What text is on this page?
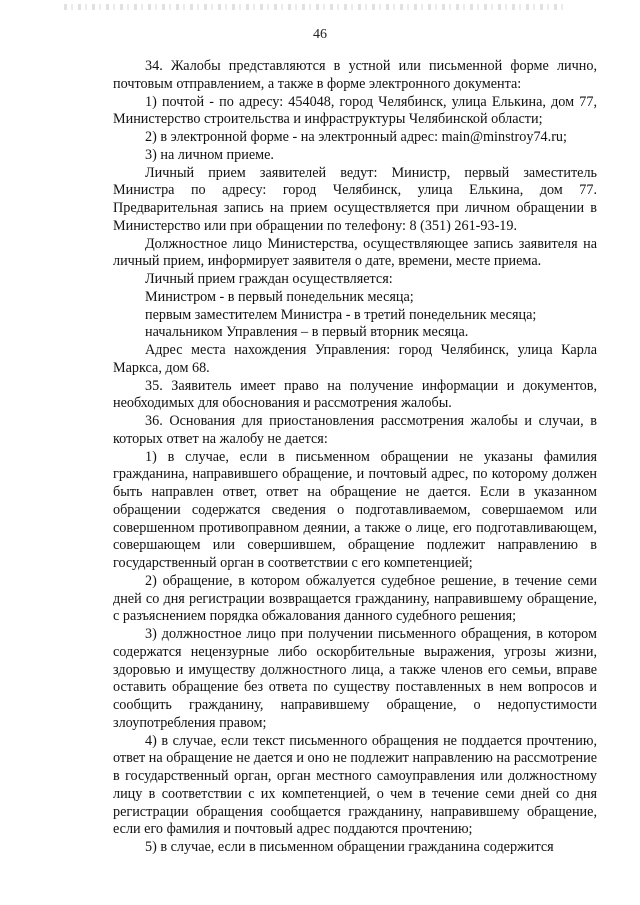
46

34. Жалобы представляются в устной или письменной форме лично, почтовым отправлением, а также в форме электронного документа:

1) почтой - по адресу: 454048, город Челябинск, улица Елькина, дом 77, Министерство строительства и инфраструктуры Челябинской области;

2) в электронной форме - на электронный адрес: main@minstroy74.ru;

3) на личном приеме.

Личный прием заявителей ведут: Министр, первый заместитель Министра по адресу: город Челябинск, улица Елькина, дом 77. Предварительная запись на прием осуществляется при личном обращении в Министерство или при обращении по телефону: 8 (351) 261-93-19.

Должностное лицо Министерства, осуществляющее запись заявителя на личный прием, информирует заявителя о дате, времени, месте приема.

Личный прием граждан осуществляется:

Министром - в первый понедельник месяца;

первым заместителем Министра - в третий понедельник месяца;

начальником Управления – в первый вторник месяца.

Адрес места нахождения Управления: город Челябинск, улица Карла Маркса, дом 68.

35. Заявитель имеет право на получение информации и документов, необходимых для обоснования и рассмотрения жалобы.

36. Основания для приостановления рассмотрения жалобы и случаи, в которых ответ на жалобу не дается:

1) в случае, если в письменном обращении не указаны фамилия гражданина, направившего обращение, и почтовый адрес, по которому должен быть направлен ответ, ответ на обращение не дается. Если в указанном обращении содержатся сведения о подготавливаемом, совершаемом или совершенном противоправном деянии, а также о лице, его подготавливающем, совершающем или совершившем, обращение подлежит направлению в государственный орган в соответствии с его компетенцией;

2) обращение, в котором обжалуется судебное решение, в течение семи дней со дня регистрации возвращается гражданину, направившему обращение, с разъяснением порядка обжалования данного судебного решения;

3) должностное лицо при получении письменного обращения, в котором содержатся нецензурные либо оскорбительные выражения, угрозы жизни, здоровью и имуществу должностного лица, а также членов его семьи, вправе оставить обращение без ответа по существу поставленных в нем вопросов и сообщить гражданину, направившему обращение, о недопустимости злоупотребления правом;

4) в случае, если текст письменного обращения не поддается прочтению, ответ на обращение не дается и оно не подлежит направлению на рассмотрение в государственный орган, орган местного самоуправления или должностному лицу в соответствии с их компетенцией, о чем в течение семи дней со дня регистрации обращения сообщается гражданину, направившему обращение, если его фамилия и почтовый адрес поддаются прочтению;

5) в случае, если в письменном обращении гражданина содержится
